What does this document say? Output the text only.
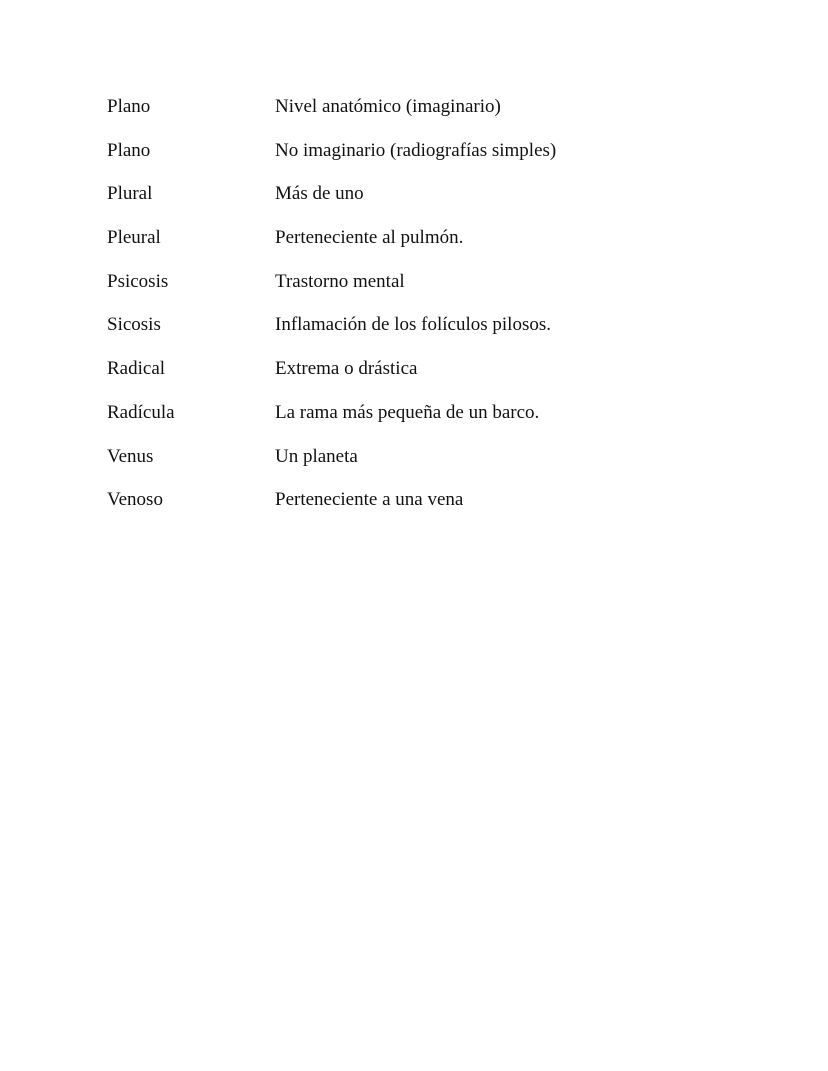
Plano	Nivel anatómico (imaginario)
Plano	No imaginario (radiografías simples)
Plural	Más de uno
Pleural	Perteneciente al pulmón.
Psicosis	Trastorno mental
Sicosis	Inflamación de los folículos pilosos.
Radical	Extrema o drástica
Radícula	La rama más pequeña de un barco.
Venus	Un planeta
Venoso	Perteneciente a una vena
